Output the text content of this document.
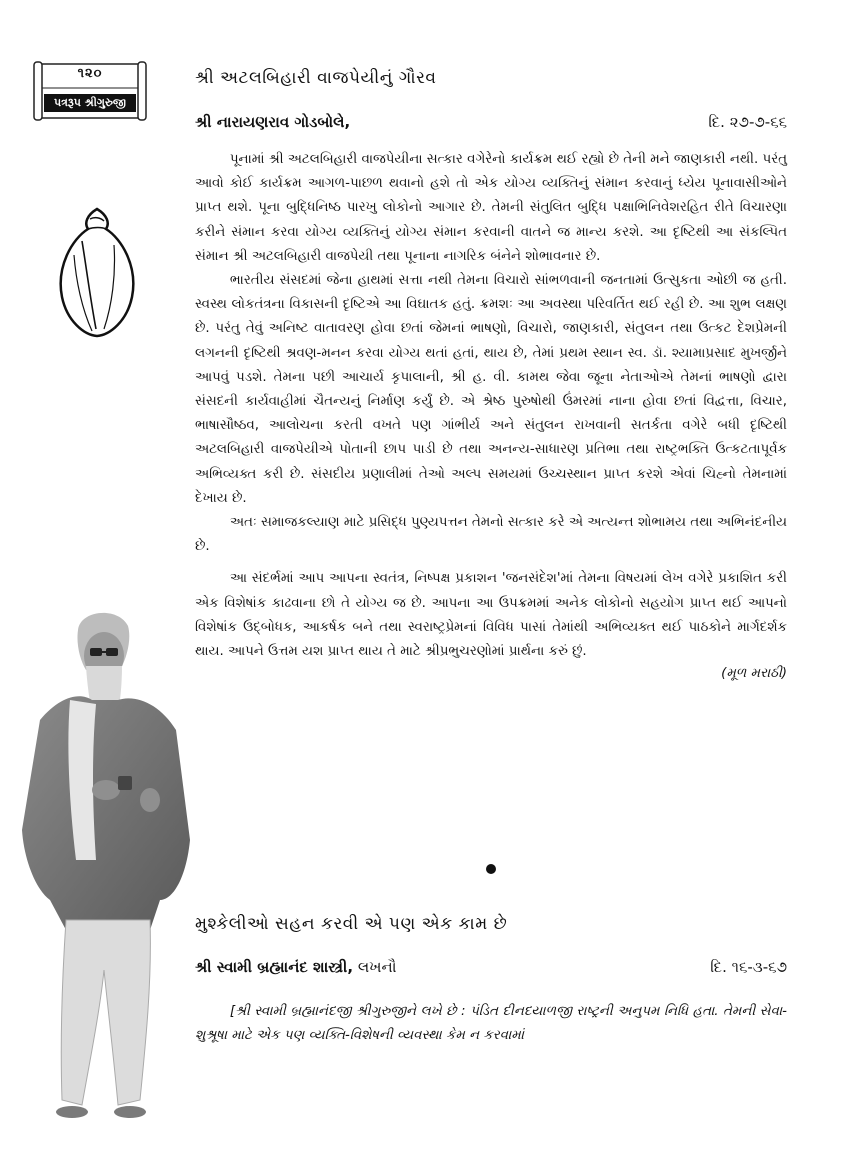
૧૨૦
પત્રરૂપ શ્રીગુરુજી
શ્રી અટલબિહારી વાજપેયીનું ગૌરવ
શ્રી નારાયણરાવ ગોડબોલે,	દિ. ૨૭-૭-૬૬

પૂનામાં શ્રી અટલબિહારી વાજપેયીના સત્કાર વગેરેનો કાર્યક્રમ થઈ રહ્યો છે તેની મને જાણકારી નથી. પરંતુ આવો કોઈ કાર્યક્રમ આગળ-પાછળ થવાનો હશે તો એક યોગ્ય વ્યક્તિનું સંમાન કરવાનું ધ્યેય પૂનાવાસીઓને પ્રાપ્ત થશે. પૂના બુદ્ધિનિષ્ઠ પારખુ લોકોનો આગાર છે. તેમની સંતુલિત બુદ્ધિ પક્ષાભિનિવેશરહિત રીતે વિચારણા કરીને સંમાન કરવા યોગ્ય વ્યક્તિનું યોગ્ય સંમાન કરવાની વાતને જ માન્ય કરશે. આ દૃષ્ટિથી આ સંકલ્પિત સંમાન શ્રી અટલબિહારી વાજપેયી તથા પૂનાના નાગરિક બંનેને શોભાવનાર છે.

ભારતીય સંસદમાં જેના હાથમાં સત્તા નથી તેમના વિચારો સાંભળવાની જનતામાં ઉત્સુકતા ઓછી જ હતી. સ્વસ્થ લોકતંત્રના વિકાસની દૃષ્ટિએ આ વિઘાતક હતું. ક્રમશઃ આ અવસ્થા પરિવર્તિત થઈ રહી છે. આ શુભ લક્ષણ છે. પરંતુ તેવું અનિષ્ટ વાતાવરણ હોવા છતાં જેમનાં ભાષણો, વિચારો, જાણકારી, સંતુલન તથા ઉત્કટ દેશપ્રેમની લગનની દૃષ્ટિથી શ્રવણ-મનન કરવા યોગ્ય થતાં હતાં, થાય છે, તેમાં પ્રથમ સ્થાન સ્વ. ડૉ. શ્યામાપ્રસાદ મુખર્જીને આપવું પડશે. તેમના પછી આચાર્ય કૃપાલાની, શ્રી હ. વી. કામથ જેવા જૂના નેતાઓએ તેમનાં ભાષણો દ્વારા સંસદની કાર્યવાહીમાં ચૈતન્યનું નિર્માણ કર્યું છે. એ શ્રેષ્ઠ પુરુષોથી ઉંમરમાં નાના હોવા છતાં વિદ્વત્તા, વિચાર, ભાષાસૌષ્ઠવ, આલોચના કરતી વખતે પણ ગાંભીર્ય અને સંતુલન રાખવાની સતર્કતા વગેરે બધી દૃષ્ટિથી અટલબિહારી વાજપેયીએ પોતાની છાપ પાડી છે તથા અનન્ય-સાધારણ પ્રતિભા તથા રાષ્ટ્રભક્તિ ઉત્કટતાપૂર્વક અભિવ્યક્ત કરી છે. સંસદીય પ્રણાલીમાં તેઓ અલ્પ સમયમાં ઉચ્ચસ્થાન પ્રાપ્ત કરશે એવાં ચિહ્નો તેમનામાં દેખાય છે.

અતઃ સમાજકલ્યાણ માટે પ્રસિદ્ધ પુણ્યપત્તન તેમનો સત્કાર કરે એ અત્યન્ત શોભામય તથા અભિનંદનીય છે.

આ સંદર્ભમાં આપ આપના સ્વતંત્ર, નિષ્પક્ષ પ્રકાશન 'જનસંદેશ'માં તેમના વિષયમાં લેખ વગેરે પ્રકાશિત કરી એક વિશેષાંક કાઢવાના છો તે યોગ્ય જ છે. આપના આ ઉપક્રમમાં અનેક લોકોનો સહયોગ પ્રાપ્ત થઈ આપનો વિશેષાંક ઉદ્‌બોધક, આકર્ષક બને તથા સ્વરાષ્ટ્રપ્રેમનાં વિવિધ પાસાં તેમાંથી અભિવ્યક્ત થઈ પાઠકોને માર્ગદર્શક થાય. આપને ઉત્તમ યશ પ્રાપ્ત થાય તે માટે શ્રીપ્રભુચરણોમાં પ્રાર્થના કરું છું.

(મૂળ મરાઠી)

મુશ્કેલીઓ સહન કરવી એ પણ એક કામ છે
શ્રી સ્વામી બ્રહ્માનંદ શાસ્ત્રી, લખનૌ	દિ. ૧૬-૩-૬૭

[શ્રી સ્વામી બ્રહ્માનંદજી શ્રીગુરુજીને લખે છે : પંડિત દીનદયાળજી રાષ્ટ્રની અનુપમ નિધિ હતા. તેમની સેવા-શુશ્રૂષા માટે એક પણ વ્યક્તિ-વિશેષની વ્યવસ્થા કેમ ન કરવામાં
